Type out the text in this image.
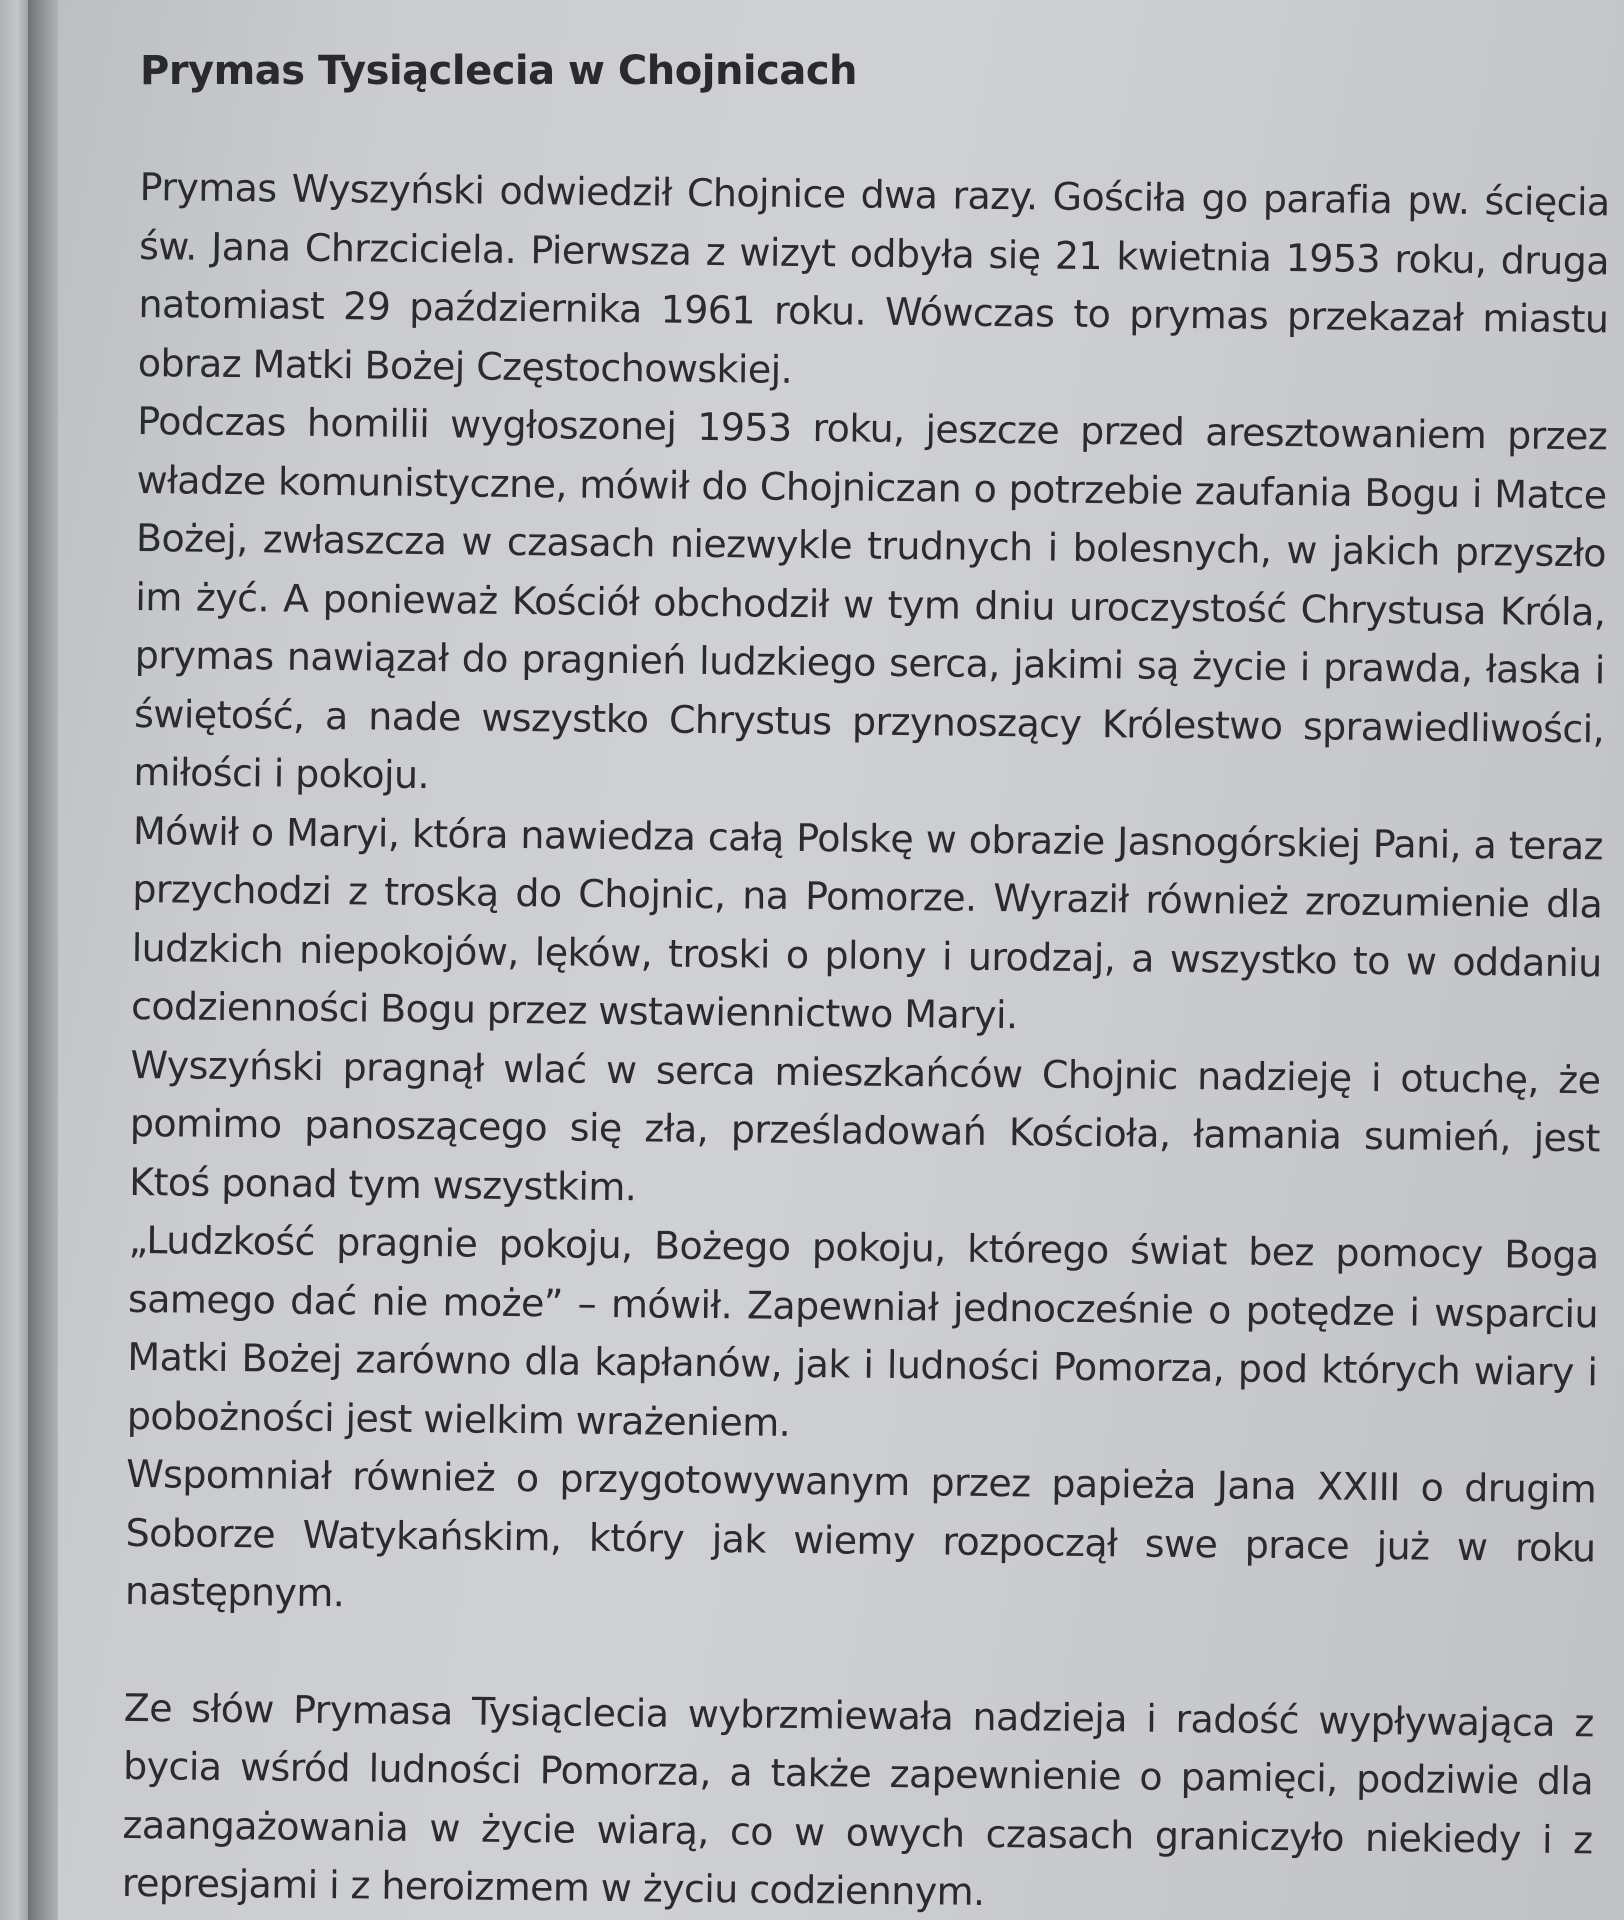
Prymas Tysiąclecia w Chojnicach

Prymas Wyszyński odwiedził Chojnice dwa razy. Gościła go parafia pw. ścięcia św. Jana Chrzciciela. Pierwsza z wizyt odbyła się 21 kwietnia 1953 roku, druga natomiast 29 października 1961 roku. Wówczas to prymas przekazał miastu obraz Matki Bożej Częstochowskiej.

Podczas homilii wygłoszonej 1953 roku, jeszcze przed aresztowaniem przez władze komunistyczne, mówił do Chojniczan o potrzebie zaufania Bogu i Matce Bożej, zwłaszcza w czasach niezwykle trudnych i bolesnych, w jakich przyszło im żyć. A ponieważ Kościół obchodził w tym dniu uroczystość Chrystusa Króla, prymas nawiązał do pragnień ludzkiego serca, jakimi są życie i prawda, łaska i świętość, a nade wszystko Chrystus przynoszący Królestwo sprawiedliwości, miłości i pokoju.

Mówił o Maryi, która nawiedza całą Polskę w obrazie Jasnogórskiej Pani, a teraz przychodzi z troską do Chojnic, na Pomorze. Wyraził również zrozumienie dla ludzkich niepokojów, lęków, troski o plony i urodzaj, a wszystko to w oddaniu codzienności Bogu przez wstawiennictwo Maryi.

Wyszyński pragnął wlać w serca mieszkańców Chojnic nadzieję i otuchę, że pomimo panoszącego się zła, prześladowań Kościoła, łamania sumień, jest Ktoś ponad tym wszystkim.

„Ludzkość pragnie pokoju, Bożego pokoju, którego świat bez pomocy Boga samego dać nie może” – mówił. Zapewniał jednocześnie o potędze i wsparciu Matki Bożej zarówno dla kapłanów, jak i ludności Pomorza, pod których wiary i pobożności jest wielkim wrażeniem.

Wspomniał również o przygotowywanym przez papieża Jana XXIII o drugim Soborze Watykańskim, który jak wiemy rozpoczął swe prace już w roku następnym.

Ze słów Prymasa Tysiąclecia wybrzmiewała nadzieja i radość wypływająca z bycia wśród ludności Pomorza, a także zapewnienie o pamięci, podziwie dla zaangażowania w życie wiarą, co w owych czasach graniczyło niekiedy i z represjami i z heroizmem w życiu codziennym.
